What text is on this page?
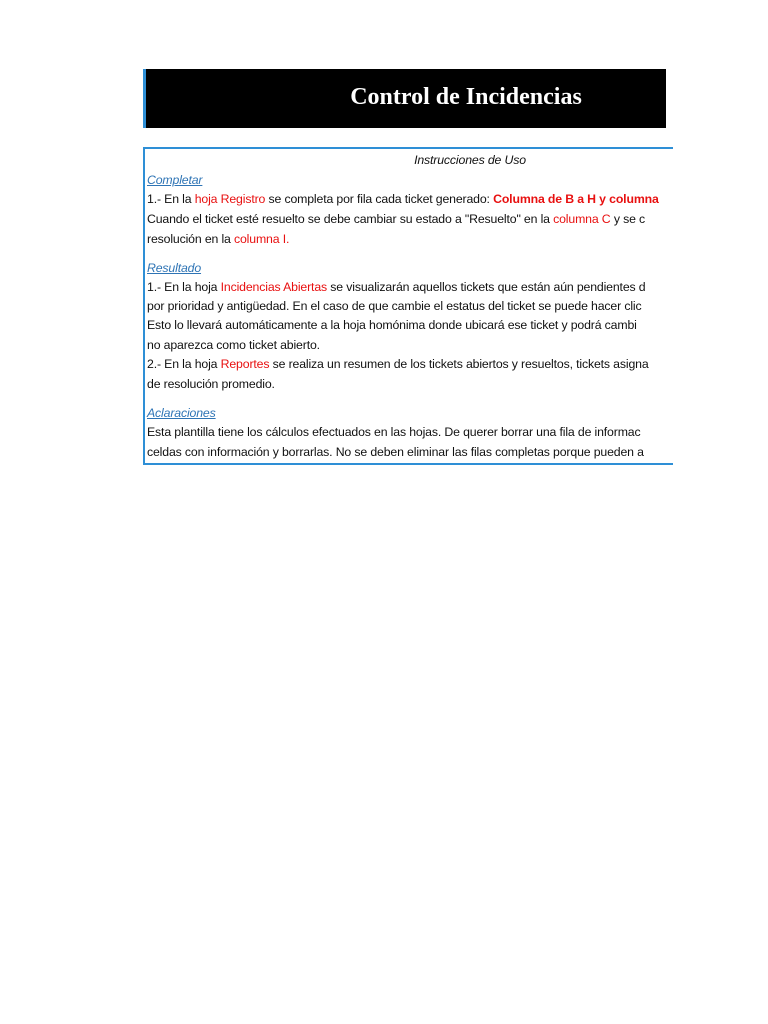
Control de Incidencias
Instrucciones de Uso
Completar
1.- En la hoja Registro se completa por fila cada ticket generado: Columna de B a H y columna
Cuando el ticket esté resuelto se debe cambiar su estado a "Resuelto" en la columna C y se c
resolución en la columna I.
Resultado
1.- En la hoja Incidencias Abiertas se visualizarán aquellos tickets que están aún pendientes d
por prioridad y antigüedad. En el caso de que cambie el estatus del ticket se puede hacer clic
Esto lo llevará automáticamente a la hoja homónima donde ubicará ese ticket y podrá cambi
no aparezca como ticket abierto.
2.- En la hoja Reportes se realiza un resumen de los tickets abiertos y resueltos, tickets asigna
de resolución promedio.
Aclaraciones
Esta plantilla tiene los cálculos efectuados en las hojas. De querer borrar una fila de informac
celdas con información y borrarlas. No se deben eliminar las filas completas porque pueden a
